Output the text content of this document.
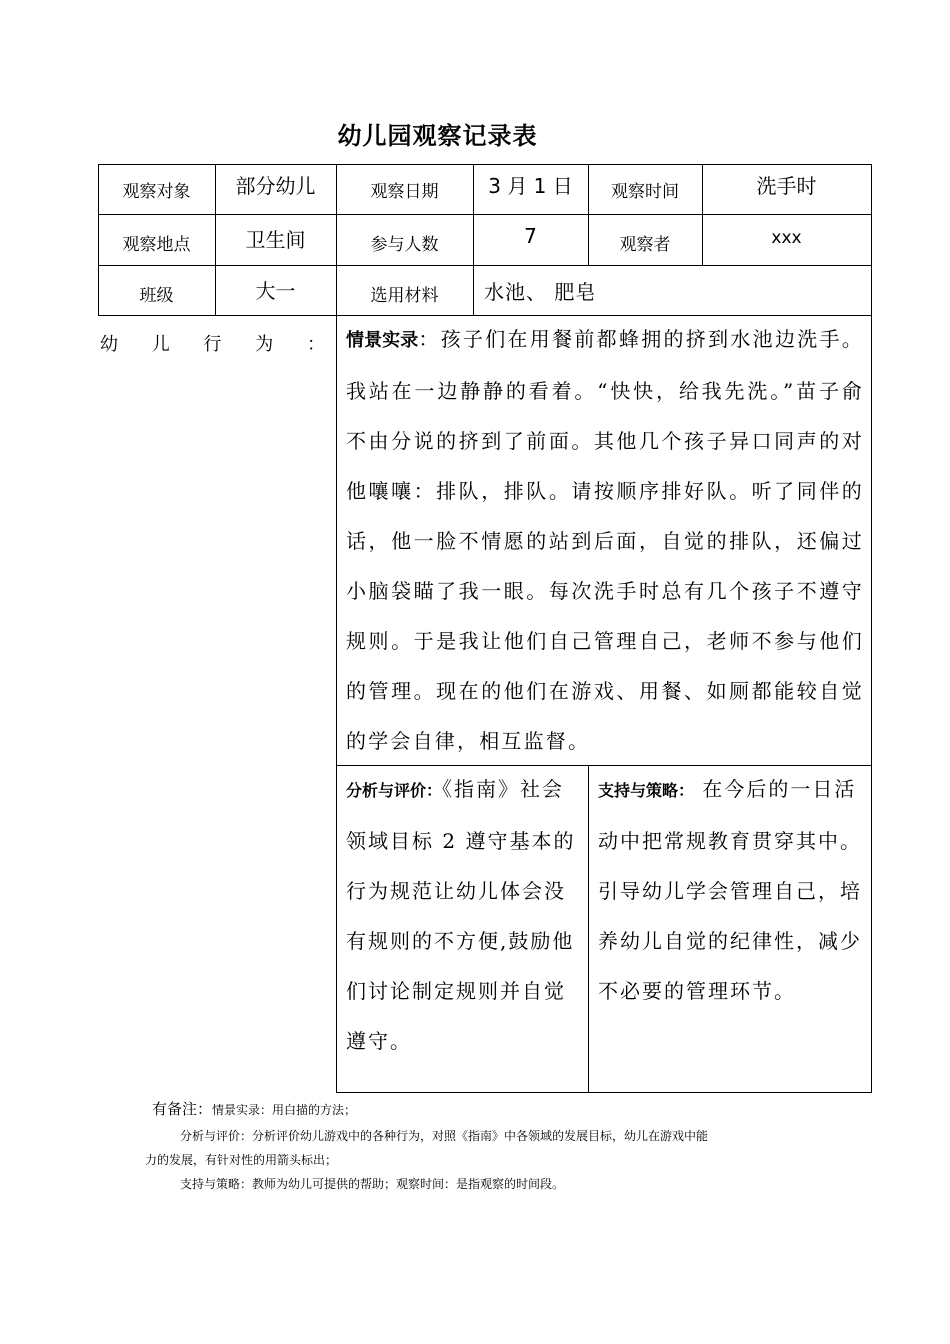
幼儿园观察记录表
观察对象	部分幼儿	观察日期	3 月 1 日	观察时间	洗手时
观察地点	卫生间	参与人数	7	观察者	xxx
班级	大一	选用材料	水池、 肥皂
幼 儿 行 为 ： 情景实录：孩子们在用餐前都蜂拥的挤到水池边洗手。我站在一边静静的看着。“快快，给我先洗。”苗子俞不由分说的挤到了前面。其他几个孩子异口同声的对他嚷嚷：排队，排队。请按顺序排好队。听了同伴的话，他一脸不情愿的站到后面，自觉的排队，还偏过小脑袋瞄了我一眼。每次洗手时总有几个孩子不遵守规则。于是我让他们自己管理自己，老师不参与他们的管理。现在的他们在游戏、用餐、如厕都能较自觉的学会自律，相互监督。
分析与评价：《指南》社会领域目标 2 遵守基本的行为规范让幼儿体会没有规则的不方便,鼓励他们讨论制定规则并自觉遵守。
支持与策略： 在今后的一日活动中把常规教育贯穿其中。引导幼儿学会管理自己，培养幼儿自觉的纪律性，减少不必要的管理环节。
有备注：情景实录：用白描的方法；
分析与评价：分析评价幼儿游戏中的各种行为，对照《指南》中各领域的发展目标，幼儿在游戏中能
力的发展，有针对性的用箭头标出；
支持与策略：教师为幼儿可提供的帮助；观察时间：是指观察的时间段。
